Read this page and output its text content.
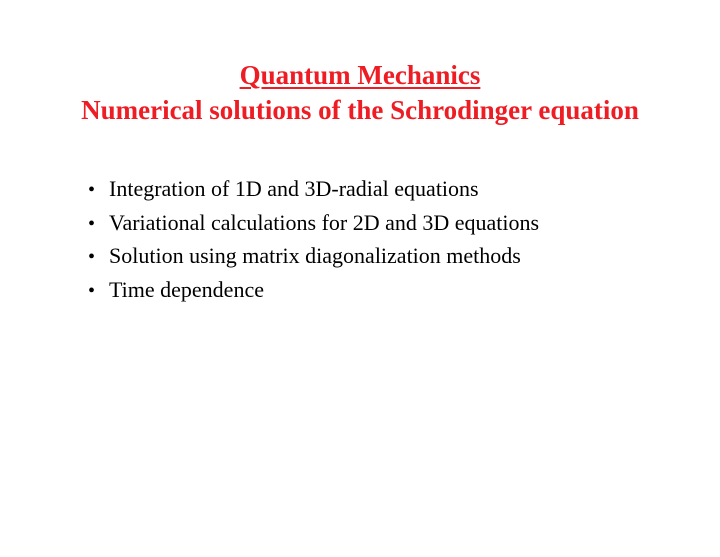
Quantum Mechanics
Numerical solutions of the Schrodinger equation
• Integration of 1D and 3D-radial equations
• Variational calculations for 2D and 3D equations
• Solution using matrix diagonalization methods
• Time dependence
